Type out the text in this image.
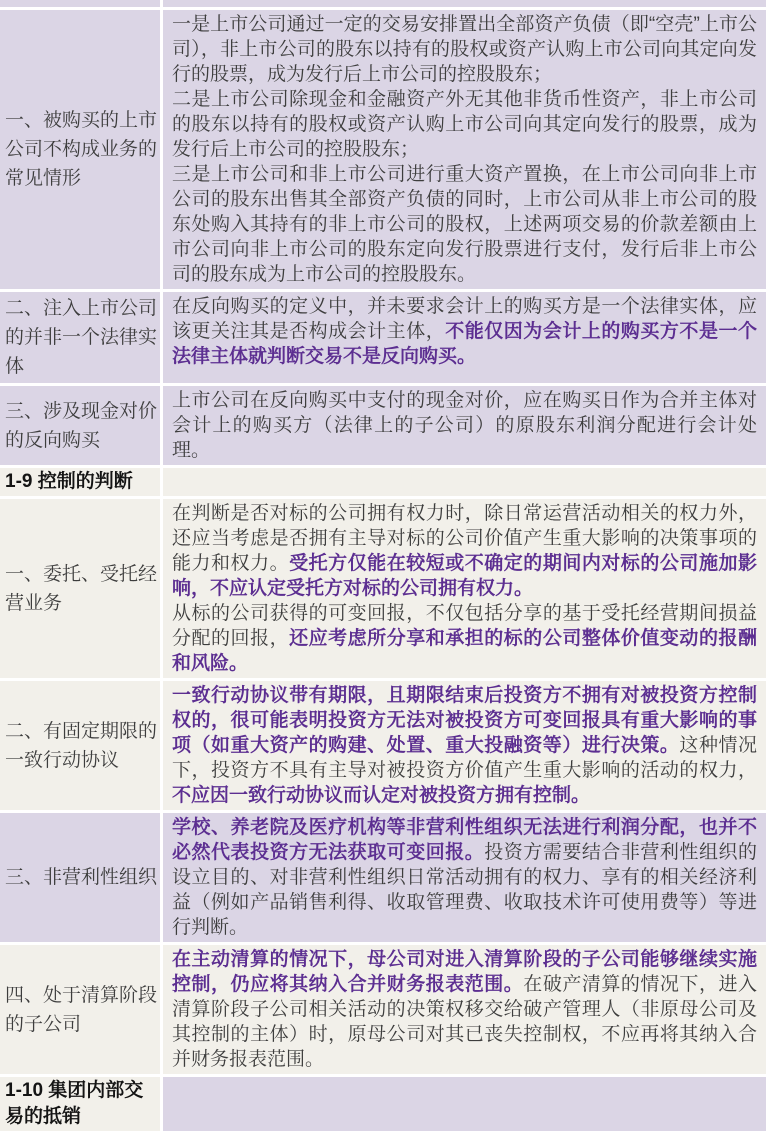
一、被购买的上市公司不构成业务的常见情形
一是上市公司通过一定的交易安排置出全部资产负债（即“空壳”上市公司），非上市公司的股东以持有的股权或资产认购上市公司向其定向发行的股票，成为发行后上市公司的控股股东；
二是上市公司除现金和金融资产外无其他非货币性资产，非上市公司的股东以持有的股权或资产认购上市公司向其定向发行的股票，成为发行后上市公司的控股股东；
三是上市公司和非上市公司进行重大资产置换，在上市公司向非上市公司的股东出售其全部资产负债的同时，上市公司从非上市公司的股东处购入其持有的非上市公司的股权，上述两项交易的价款差额由上市公司向非上市公司的股东定向发行股票进行支付，发行后非上市公司的股东成为上市公司的控股股东。
二、注入上市公司的并非一个法律实体
在反向购买的定义中，并未要求会计上的购买方是一个法律实体，应该更关注其是否构成会计主体，不能仅因为会计上的购买方不是一个法律主体就判断交易不是反向购买。
三、涉及现金对价的反向购买
上市公司在反向购买中支付的现金对价，应在购买日作为合并主体对会计上的购买方（法律上的子公司）的原股东利润分配进行会计处理。
1-9 控制的判断
一、委托、受托经营业务
在判断是否对标的公司拥有权力时，除日常运营活动相关的权力外，还应当考虑是否拥有主导对标的公司价值产生重大影响的决策事项的能力和权力。受托方仅能在较短或不确定的期间内对标的公司施加影响，不应认定受托方对标的公司拥有权力。
从标的公司获得的可变回报，不仅包括分享的基于受托经营期间损益分配的回报，还应考虑所分享和承担的标的公司整体价值变动的报酬和风险。
二、有固定期限的一致行动协议
一致行动协议带有期限，且期限结束后投资方不拥有对被投资方控制权的，很可能表明投资方无法对被投资方可变回报具有重大影响的事项（如重大资产的购建、处置、重大投融资等）进行决策。这种情况下，投资方不具有主导对被投资方价值产生重大影响的活动的权力，不应因一致行动协议而认定对被投资方拥有控制。
三、非营利性组织
学校、养老院及医疗机构等非营利性组织无法进行利润分配，也并不必然代表投资方无法获取可变回报。投资方需要结合非营利性组织的设立目的、对非营利性组织日常活动拥有的权力、享有的相关经济利益（例如产品销售利得、收取管理费、收取技术许可使用费等）等进行判断。
四、处于清算阶段的子公司
在主动清算的情况下，母公司对进入清算阶段的子公司能够继续实施控制，仍应将其纳入合并财务报表范围。在破产清算的情况下，进入清算阶段子公司相关活动的决策权移交给破产管理人（非原母公司及其控制的主体）时，原母公司对其已丧失控制权，不应再将其纳入合并财务报表范围。
1-10 集团内部交易的抵销
